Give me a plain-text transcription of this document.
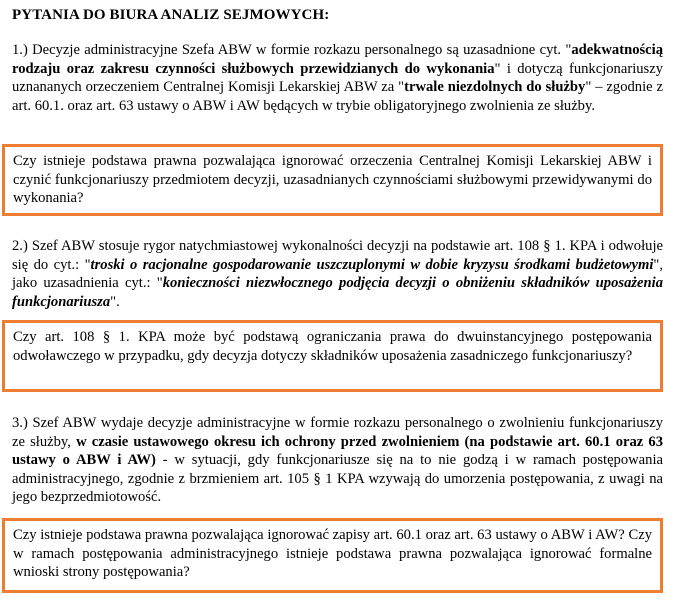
PYTANIA DO BIURA ANALIZ SEJMOWYCH:
1.) Decyzje administracyjne Szefa ABW w formie rozkazu personalnego są uzasadnione cyt. "adekwatnością rodzaju oraz zakresu czynności służbowych przewidzianych do wykonania" i dotyczą funkcjonariuszy uznananych orzeczeniem Centralnej Komisji Lekarskiej ABW za "trwale niezdolnych do służby" – zgodnie z art. 60.1. oraz art. 63 ustawy o ABW i AW będących w trybie obligatoryjnego zwolnienia ze służby.
Czy istnieje podstawa prawna pozwalająca ignorować orzeczenia Centralnej Komisji Lekarskiej ABW i czynić funkcjonariuszy przedmiotem decyzji, uzasadnianych czynnościami służbowymi przewidywanymi do wykonania?
2.) Szef ABW stosuje rygor natychmiastowej wykonalności decyzji na podstawie art. 108 § 1. KPA i odwołuje się do cyt.: "troski o racjonalne gospodarowanie uszczuplonymi w dobie kryzysu środkami budżetowymi", jako uzasadnienia cyt.: "konieczności niezwłocznego podjęcia decyzji o obniżeniu składników uposażenia funkcjonariusza".
Czy art. 108 § 1. KPA może być podstawą ograniczania prawa do dwuinstancyjnego postępowania odwoławczego w przypadku, gdy decyzja dotyczy składników uposażenia zasadniczego funkcjonariuszy?
3.) Szef ABW wydaje decyzje administracyjne w formie rozkazu personalnego o zwolnieniu funkcjonariuszy ze służby, w czasie ustawowego okresu ich ochrony przed zwolnieniem (na podstawie art. 60.1 oraz 63 ustawy o ABW i AW) - w sytuacji, gdy funkcjonariusze się na to nie godzą i w ramach postępowania administracyjnego, zgodnie z brzmieniem art. 105 § 1 KPA wzywają do umorzenia postępowania, z uwagi na jego bezprzedmiotowość.
Czy istnieje podstawa prawna pozwalająca ignorować zapisy art. 60.1 oraz art. 63 ustawy o ABW i AW? Czy w ramach postępowania administracyjnego istnieje podstawa prawna pozwalająca ignorować formalne wnioski strony postępowania?
